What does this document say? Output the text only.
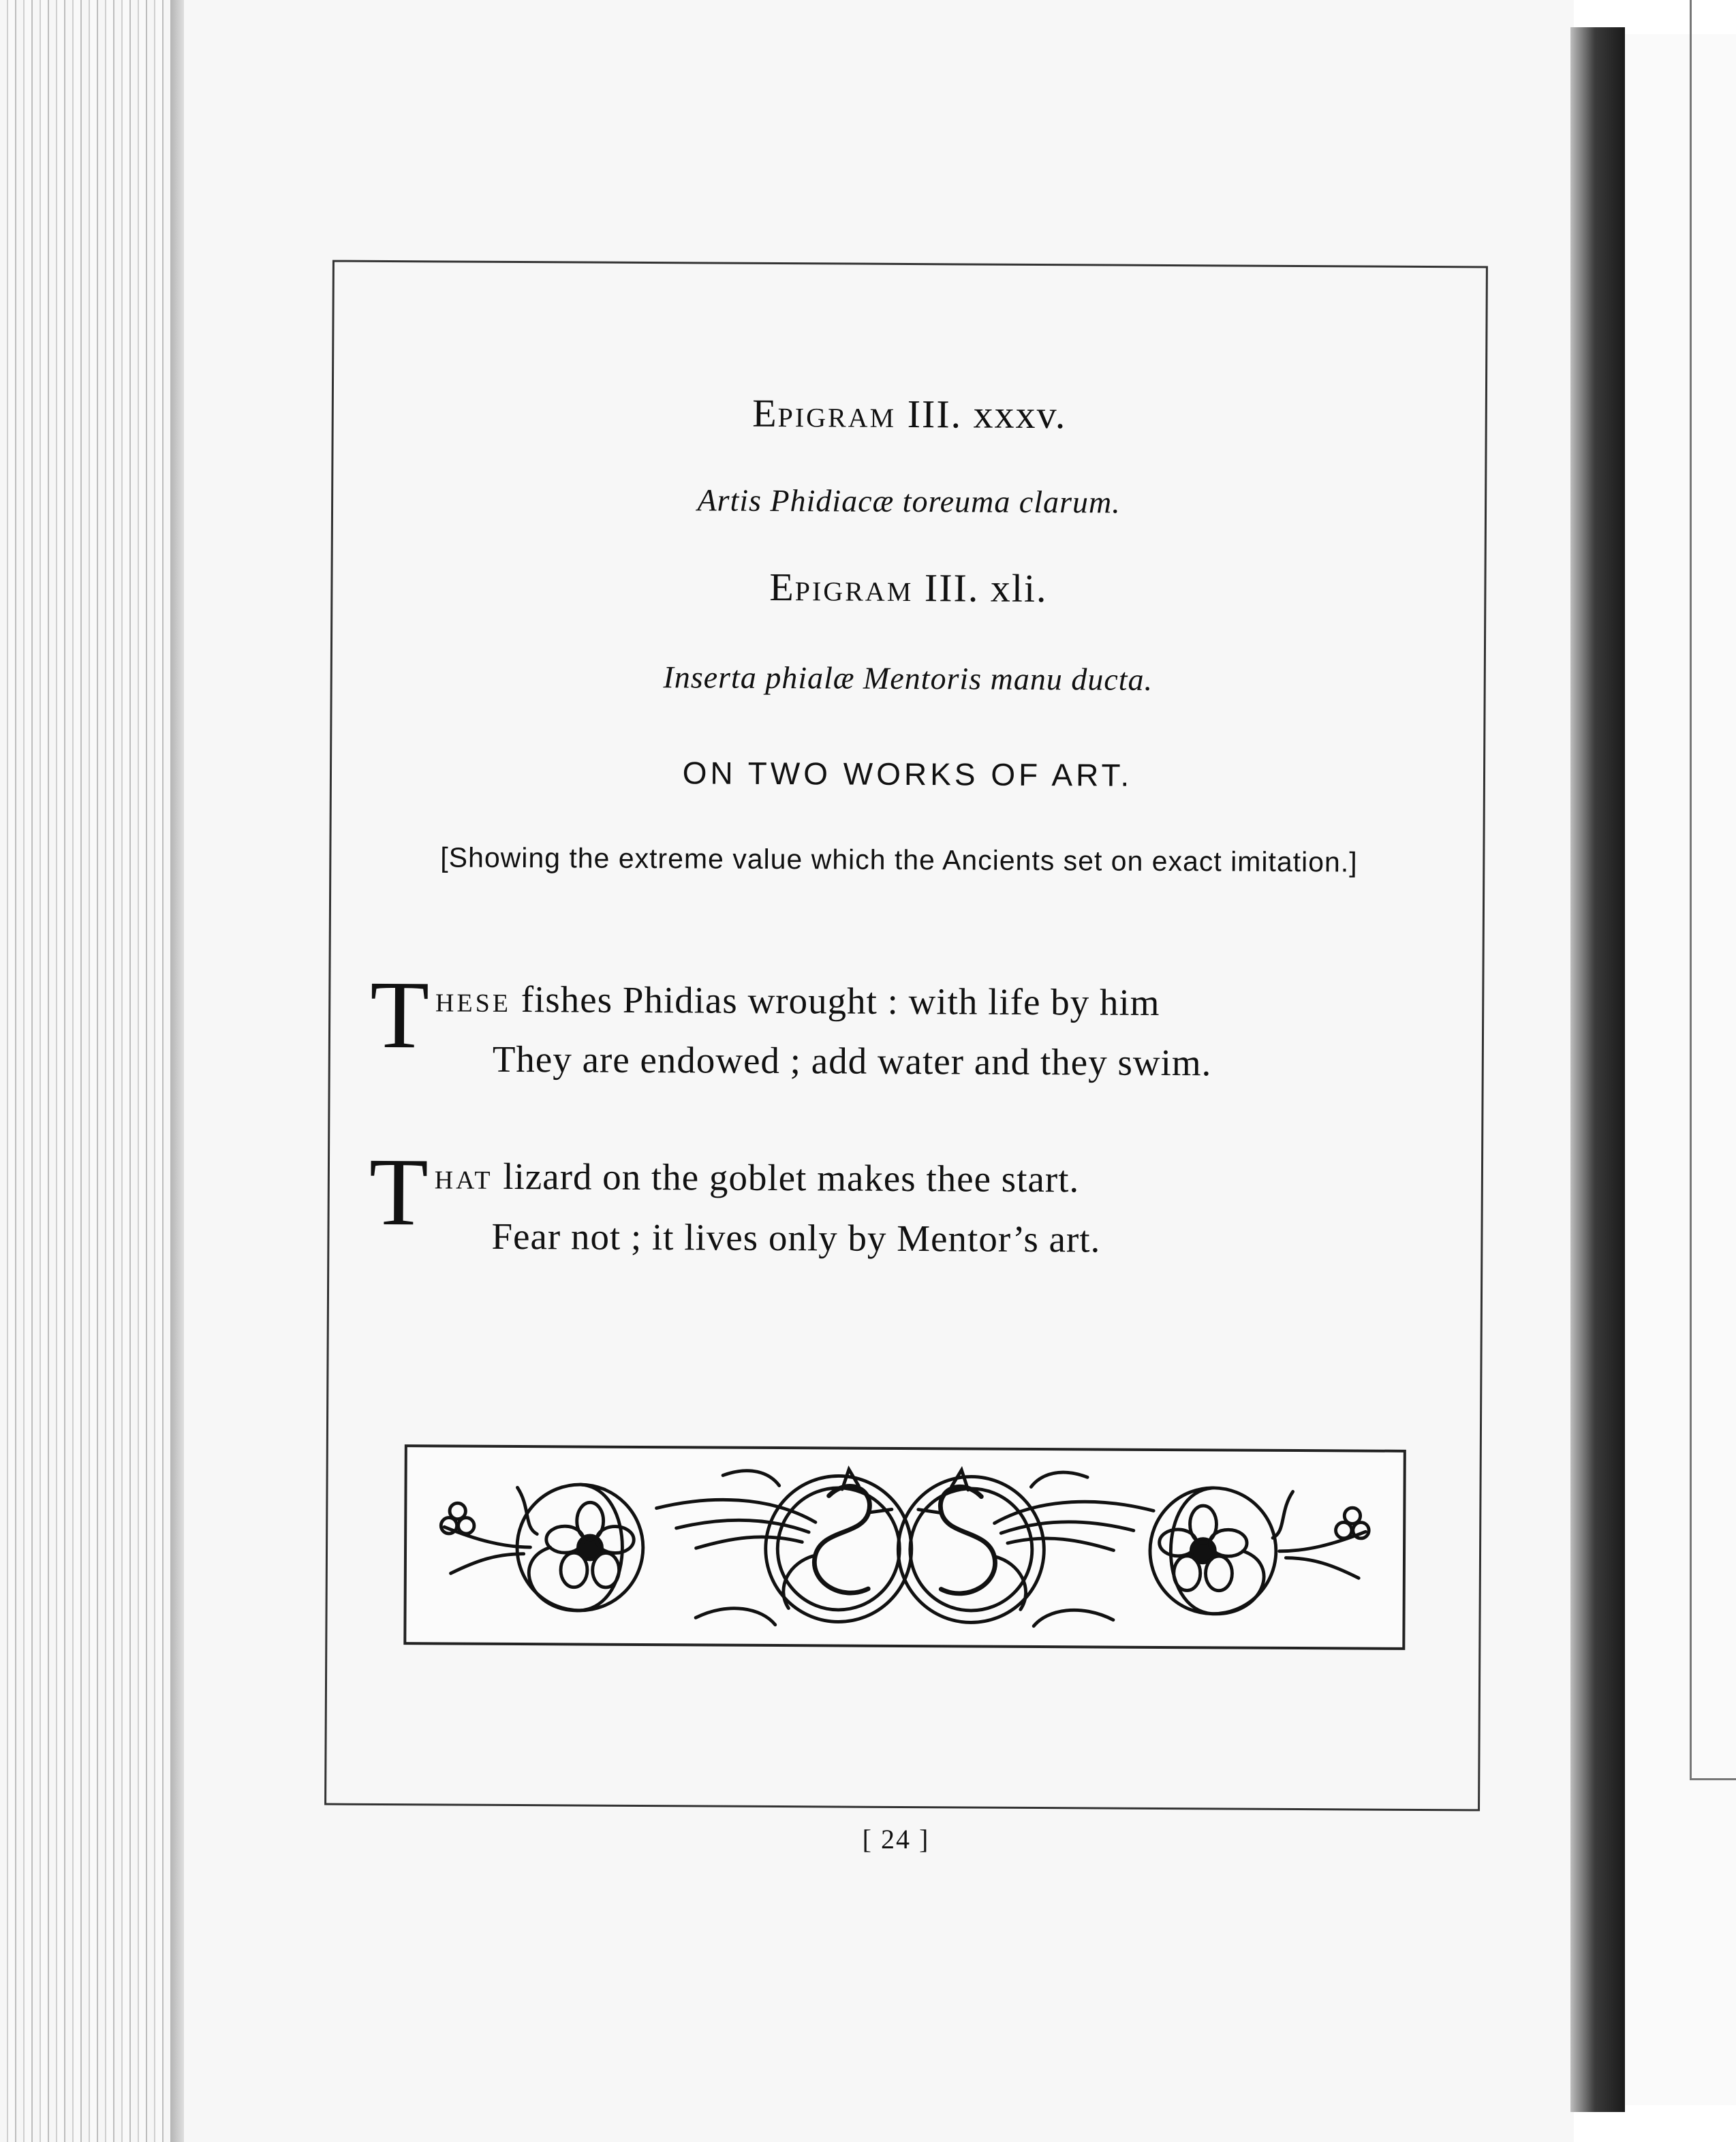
EPIGRAM III. xxxv.
Artis Phidiacæ toreuma clarum.
EPIGRAM III. xli.
Inserta phialæ Mentoris manu ducta.
ON TWO WORKS OF ART.
[Showing the extreme value which the Ancients set on exact imitation.]
T HESE fishes Phidias wrought : with life by him
They are endowed ; add water and they swim.
T HAT lizard on the goblet makes thee start.
Fear not ; it lives only by Mentor’s art.
[ 24 ]
